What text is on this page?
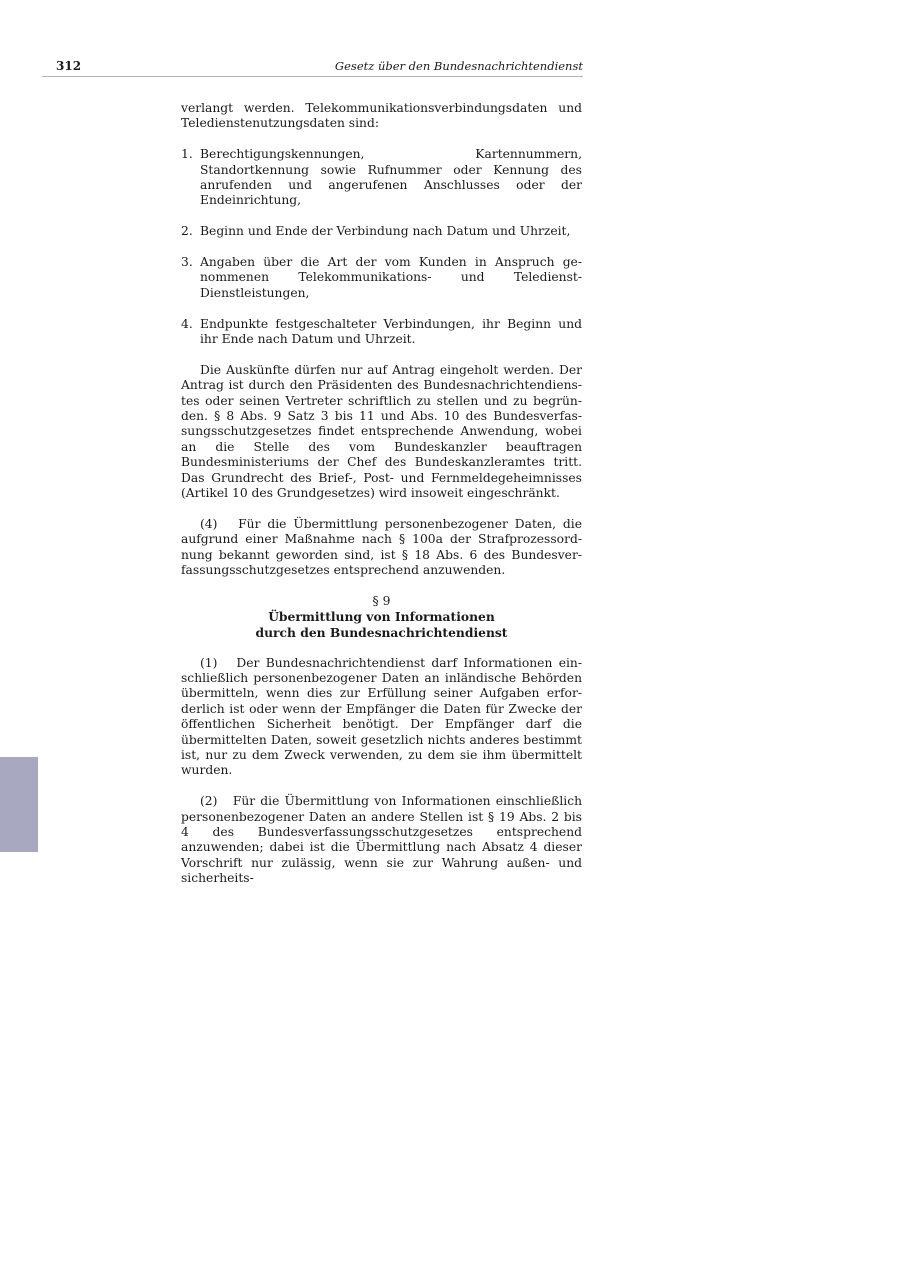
312	Gesetz über den Bundesnachrichtendienst

verlangt werden. Telekommunikationsverbindungsdaten und Teledienstenutzungsdaten sind:

1. Berechtigungskennungen, Kartennummern, Standortkennung sowie Rufnummer oder Kennung des anrufenden und angerufenen Anschlusses oder der Endeinrichtung,
2. Beginn und Ende der Verbindung nach Datum und Uhrzeit,
3. Angaben über die Art der vom Kunden in Anspruch genommenen Telekommunikations- und Teledienst-Dienstleistungen,
4. Endpunkte festgeschalteter Verbindungen, ihr Beginn und ihr Ende nach Datum und Uhrzeit.

Die Auskünfte dürfen nur auf Antrag eingeholt werden. Der Antrag ist durch den Präsidenten des Bundesnachrichtendienstes oder seinen Vertreter schriftlich zu stellen und zu begründen. § 8 Abs. 9 Satz 3 bis 11 und Abs. 10 des Bundesverfassungsschutzgesetzes findet entsprechende Anwendung, wobei an die Stelle des vom Bundeskanzler beauftragen Bundesministeriums der Chef des Bundeskanzleramtes tritt. Das Grundrecht des Brief-, Post- und Fernmeldegeheimnisses (Artikel 10 des Grundgesetzes) wird insoweit eingeschränkt.

(4)   Für die Übermittlung personenbezogener Daten, die aufgrund einer Maßnahme nach § 100a der Strafprozessordnung bekannt geworden sind, ist § 18 Abs. 6 des Bundesverfassungsschutzgesetzes entsprechend anzuwenden.

§ 9
Übermittlung von Informationen
durch den Bundesnachrichtendienst

(1)   Der Bundesnachrichtendienst darf Informationen einschließlich personenbezogener Daten an inländische Behörden übermitteln, wenn dies zur Erfüllung seiner Aufgaben erforderlich ist oder wenn der Empfänger die Daten für Zwecke der öffentlichen Sicherheit benötigt. Der Empfänger darf die übermittelten Daten, soweit gesetzlich nichts anderes bestimmt ist, nur zu dem Zweck verwenden, zu dem sie ihm übermittelt wurden.

(2)   Für die Übermittlung von Informationen einschließlich personenbezogener Daten an andere Stellen ist § 19 Abs. 2 bis 4 des Bundesverfassungsschutzgesetzes entsprechend anzuwenden; dabei ist die Übermittlung nach Absatz 4 dieser Vorschrift nur zulässig, wenn sie zur Wahrung außen- und sicherheits-
